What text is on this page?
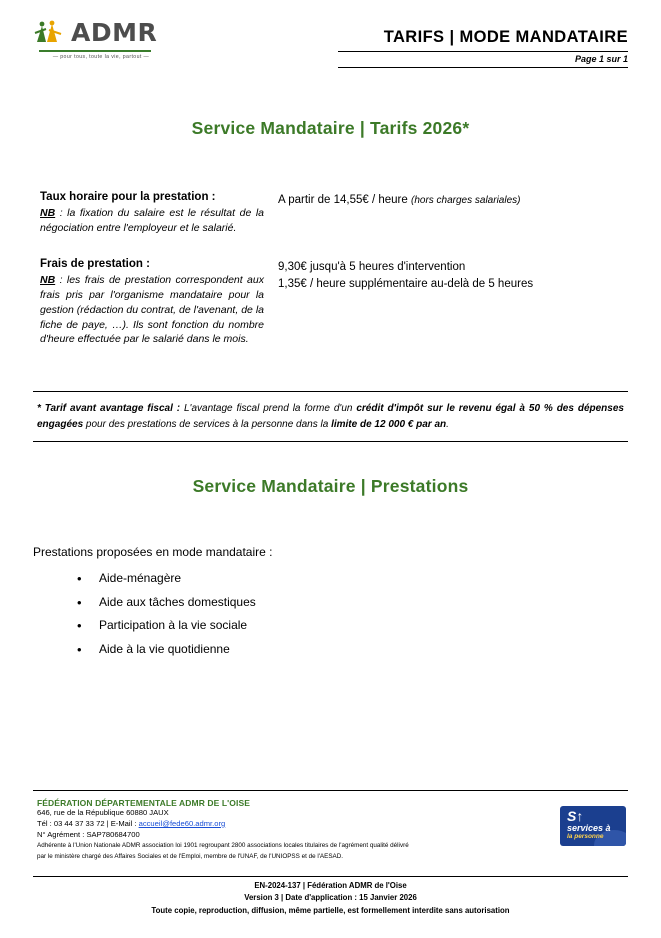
ADMR
— pour tous, toute la vie, partout —
TARIFS | MODE MANDATAIRE
Page 1 sur 1
Service Mandataire | Tarifs 2026*
Taux horaire pour la prestation :
NB : la fixation du salaire est le résultat de la négociation entre l'employeur et le salarié.
A partir de 14,55€ / heure (hors charges salariales)
Frais de prestation :
NB : les frais de prestation correspondent aux frais pris par l'organisme mandataire pour la gestion (rédaction du contrat, de l'avenant, de la fiche de paye, …). Ils sont fonction du nombre d'heure effectuée par le salarié dans le mois.
9,30€ jusqu'à 5 heures d'intervention
1,35€ / heure supplémentaire au-delà de 5 heures
* Tarif avant avantage fiscal : L'avantage fiscal prend la forme d'un crédit d'impôt sur le revenu égal à 50 % des dépenses engagées pour des prestations de services à la personne dans la limite de 12 000 € par an.
Service Mandataire | Prestations
Prestations proposées en mode mandataire :
• Aide-ménagère
• Aide aux tâches domestiques
• Participation à la vie sociale
• Aide à la vie quotidienne
FÉDÉRATION DÉPARTEMENTALE ADMR DE L'OISE
646, rue de la République 60880 JAUX
Tél : 03 44 37 33 72 | E-Mail : accueil@fede60.admr.org
N° Agrément : SAP780684700
Adhérente à l'Union Nationale ADMR association loi 1901 regroupant 2800 associations locales titulaires de l'agrément qualité délivré
par le ministère chargé des Affaires Sociales et de l'Emploi, membre de l'UNAF, de l'UNIOPSS et de l'AESAD.
S↑
services à
la personne
EN-2024-137 | Fédération ADMR de l'Oise
Version 3 | Date d'application : 15 Janvier 2026
Toute copie, reproduction, diffusion, même partielle, est formellement interdite sans autorisation
